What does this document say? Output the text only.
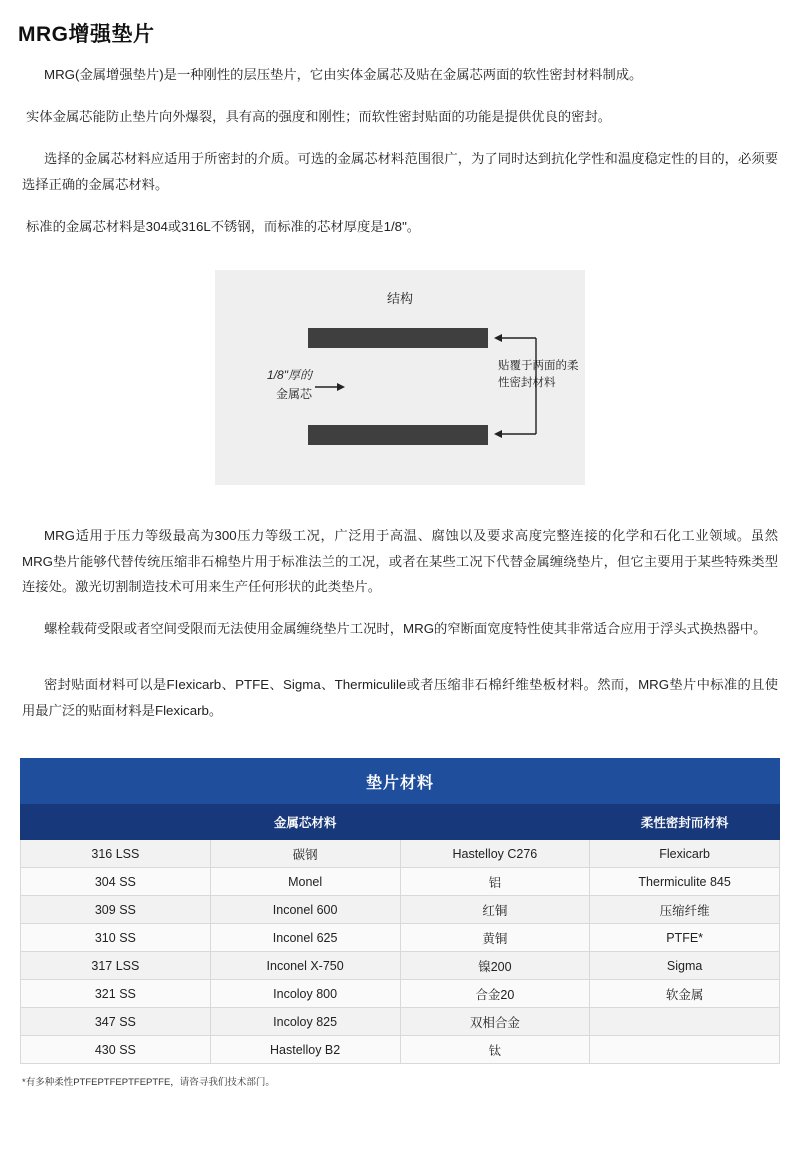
MRG增强垫片

MRG(金属增强垫片)是一种刚性的层压垫片，它由实体金属芯及贴在金属芯两面的软性密封材料制成。

实体金属芯能防止垫片向外爆裂，具有高的强度和刚性；而软性密封贴面的功能是提供优良的密封。

选择的金属芯材料应适用于所密封的介质。可选的金属芯材料范围很广，为了同时达到抗化学性和温度稳定性的目的，必须要选择正确的金属芯材料。

标准的金属芯材料是304或316L不锈钢，而标准的芯材厚度是1/8"。

结构
1/8"厚的
金属芯
贴覆于两面的柔性密封材料

MRG适用于压力等级最高为300压力等级工况，广泛用于高温、腐蚀以及要求高度完整连接的化学和石化工业领域。虽然MRG垫片能够代替传统压缩非石棉垫片用于标准法兰的工况，或者在某些工况下代替金属缠绕垫片，但它主要用于某些特殊类型连接处。激光切割制造技术可用来生产任何形状的此类垫片。

螺栓载荷受限或者空间受限而无法使用金属缠绕垫片工况时，MRG的窄断面宽度特性使其非常适合应用于浮头式换热器中。

密封贴面材料可以是FIexicarb、PTFE、Sigma、Thermiculile或者压缩非石棉纤维垫板材料。然而，MRG垫片中标准的且使用最广泛的贴面材料是Flexicarb。

垫片材料			
金属芯材料			柔性密封而材料
316 LSS	碳钢	Hastelloy C276	Flexicarb
304 SS	Monel	铝	Thermiculite 845
309 SS	Inconel 600	红铜	压缩纤维
310 SS	Inconel 625	黄铜	PTFE*
317 LSS	Inconel X-750	镍200	Sigma
321 SS	Incoloy 800	合金20	软金属
347 SS	Incoloy 825	双相合金	
430 SS	Hastelloy B2	钛	
*有多种柔性PTFEPTFEPTFEPTFE，请咨寻我们技术部门。
